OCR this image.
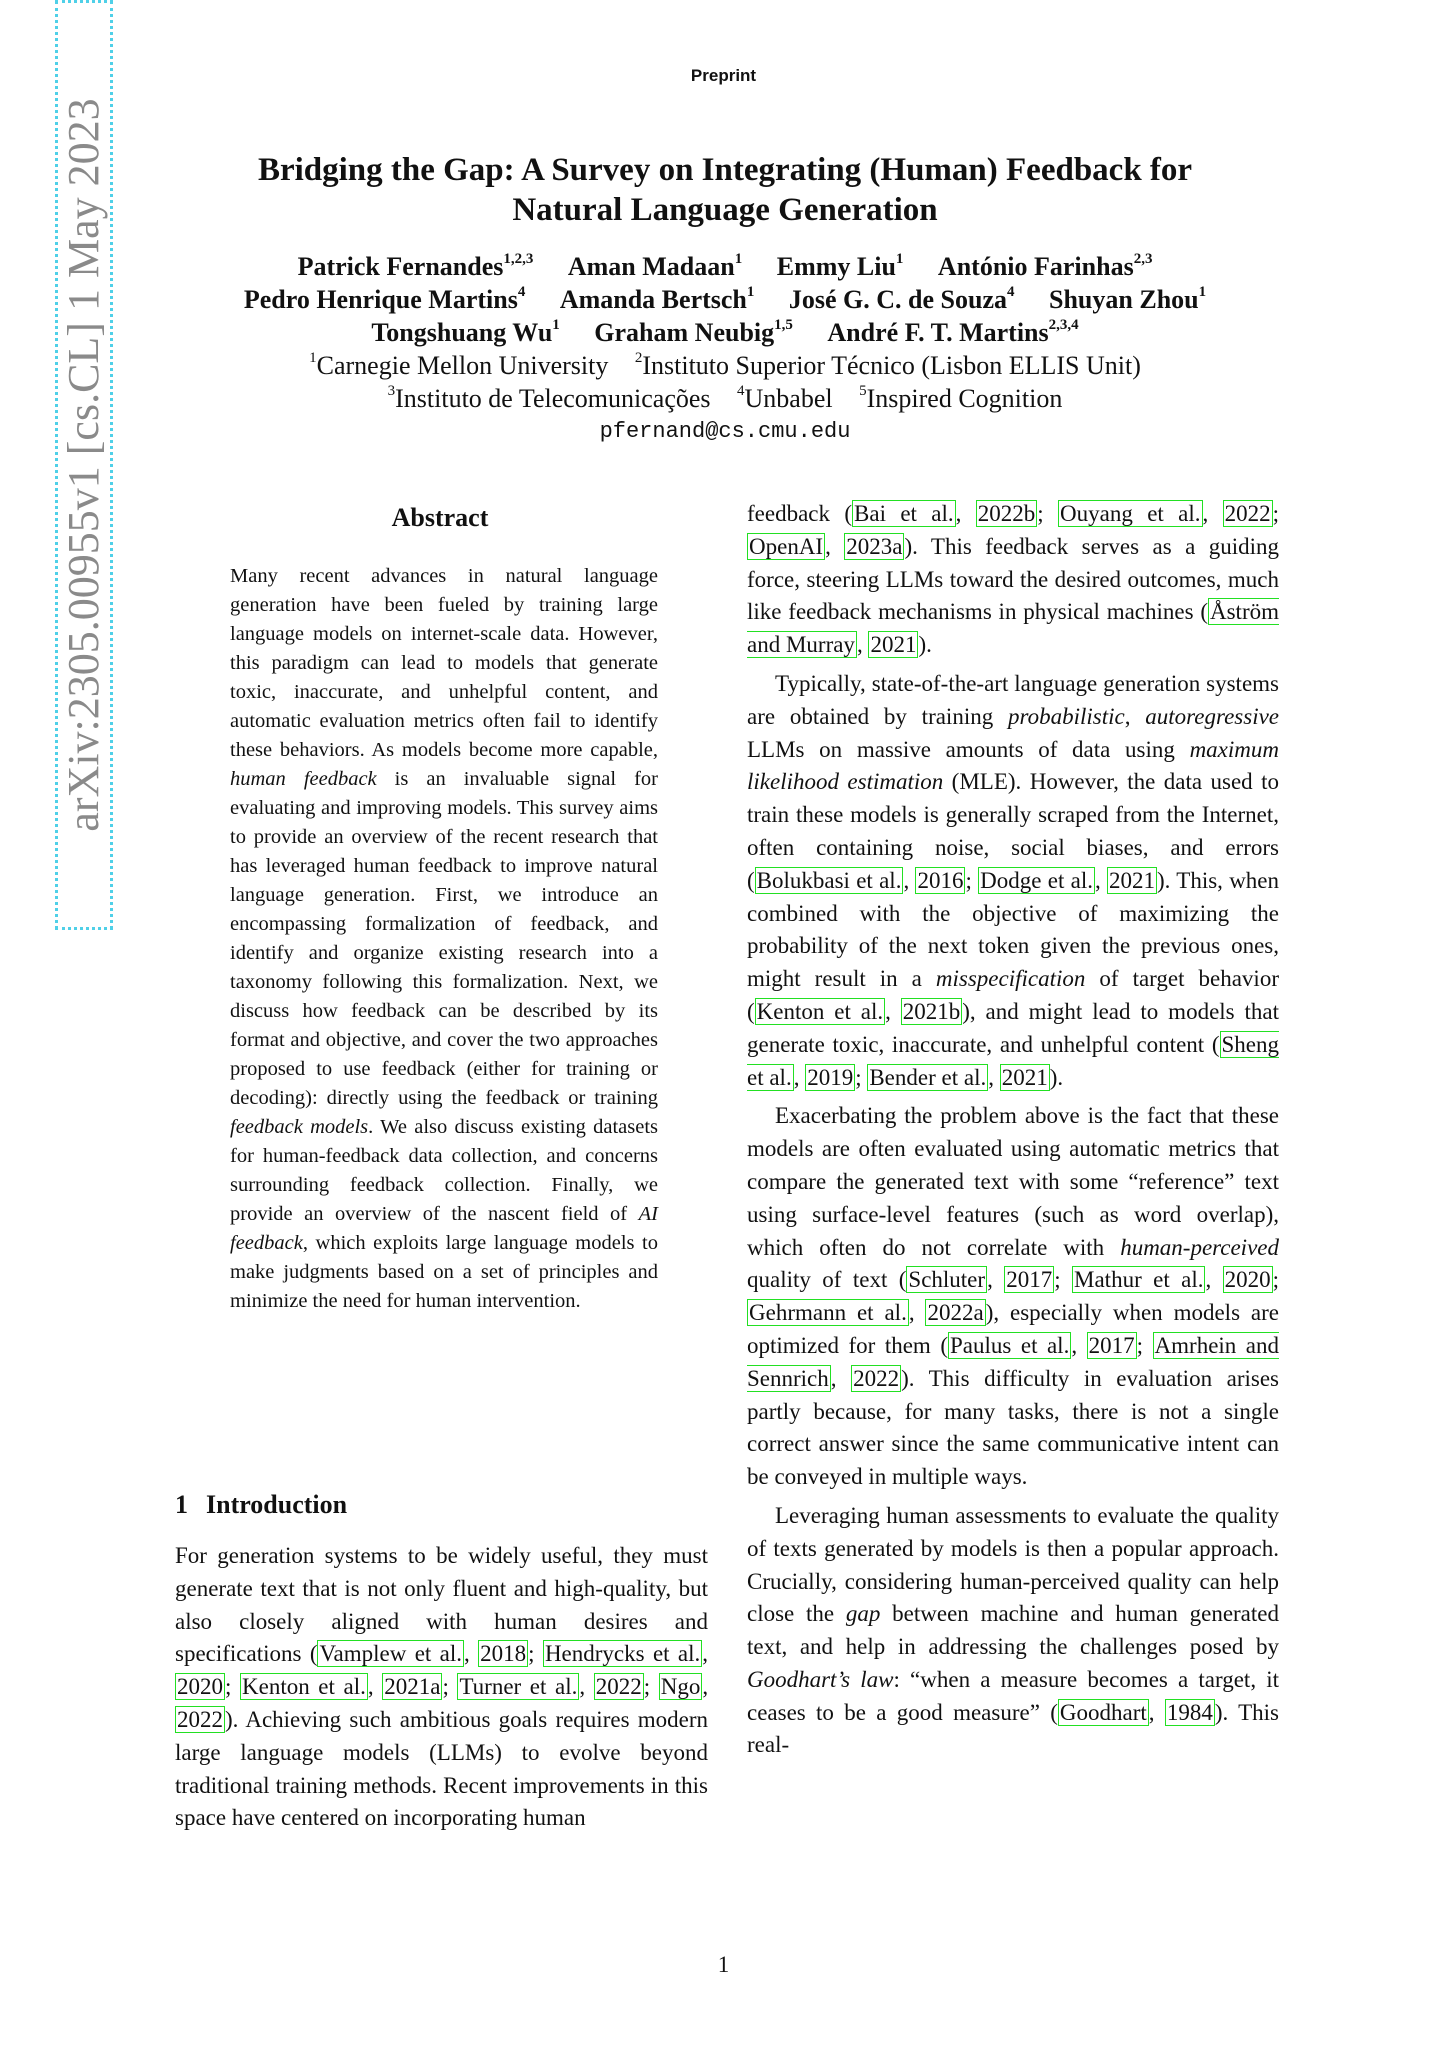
Preprint
Bridging the Gap: A Survey on Integrating (Human) Feedback for
Natural Language Generation
Patrick Fernandes$^{1,2,3}$ Aman Madaan$^1$ Emmy Liu$^1$ António Farinhas$^{2,3}$
Pedro Henrique Martins$^4$ Amanda Bertsch$^1$ José G. C. de Souza$^4$ Shuyan Zhou$^1$
Tongshuang Wu$^1$ Graham Neubig$^{1,5}$ André F. T. Martins$^{2,3,4}$
$^1$Carnegie Mellon University $^2$Instituto Superior Técnico (Lisbon ELLIS Unit)
$^3$Instituto de Telecomunicações $^4$Unbabel $^5$Inspired Cognition
pfernand@cs.cmu.edu
arXiv:2305.00955v1 [cs.CL] 1 May 2023	Abstract
Many recent advances in natural language generation have been fueled by training large language models on internet-scale data. However, this paradigm can lead to models that generate toxic, inaccurate, and unhelpful content, and automatic evaluation metrics often fail to identify these behaviors. As models become more capable, human feedback is an invaluable signal for evaluating and improving models. This survey aims to provide an overview of the recent research that has leveraged human feedback to improve natural language generation. First, we introduce an encompassing formalization of feedback, and identify and organize existing research into a taxonomy following this formalization. Next, we discuss how feedback can be described by its format and objective, and cover the two approaches proposed to use feedback (either for training or decoding): directly using the feedback or training feedback models. We also discuss existing datasets for human-feedback data collection, and concerns surrounding feedback collection. Finally, we provide an overview of the nascent field of AI feedback, which exploits large language models to make judgments based on a set of principles and minimize the need for human intervention.
1 Introduction
For generation systems to be widely useful, they must generate text that is not only fluent and high-quality, but also closely aligned with human desires and specifications (Vamplew et al., 2018; Hendrycks et al., 2020; Kenton et al., 2021a; Turner et al., 2022; Ngo, 2022). Achieving such ambitious goals requires modern large language models (LLMs) to evolve beyond traditional training methods. Recent improvements in this space have centered on incorporating human

feedback (Bai et al., 2022b; Ouyang et al., 2022; OpenAI, 2023a). This feedback serves as a guiding force, steering LLMs toward the desired outcomes, much like feedback mechanisms in physical machines (Åström and Murray, 2021).

Typically, state-of-the-art language generation systems are obtained by training probabilistic, autoregressive LLMs on massive amounts of data using maximum likelihood estimation (MLE). However, the data used to train these models is generally scraped from the Internet, often containing noise, social biases, and errors (Bolukbasi et al., 2016; Dodge et al., 2021). This, when combined with the objective of maximizing the probability of the next token given the previous ones, might result in a misspecification of target behavior (Kenton et al., 2021b), and might lead to models that generate toxic, inaccurate, and unhelpful content (Sheng et al., 2019; Bender et al., 2021).

Exacerbating the problem above is the fact that these models are often evaluated using automatic metrics that compare the generated text with some “reference” text using surface-level features (such as word overlap), which often do not correlate with human-perceived quality of text (Schluter, 2017; Mathur et al., 2020; Gehrmann et al., 2022a), especially when models are optimized for them (Paulus et al., 2017; Amrhein and Sennrich, 2022). This difficulty in evaluation arises partly because, for many tasks, there is not a single correct answer since the same communicative intent can be conveyed in multiple ways.

Leveraging human assessments to evaluate the quality of texts generated by models is then a popular approach. Crucially, considering human-perceived quality can help close the gap between machine and human generated text, and help in addressing the challenges posed by Goodhart’s law: “when a measure becomes a target, it ceases to be a good measure” (Goodhart, 1984). This real-

1
